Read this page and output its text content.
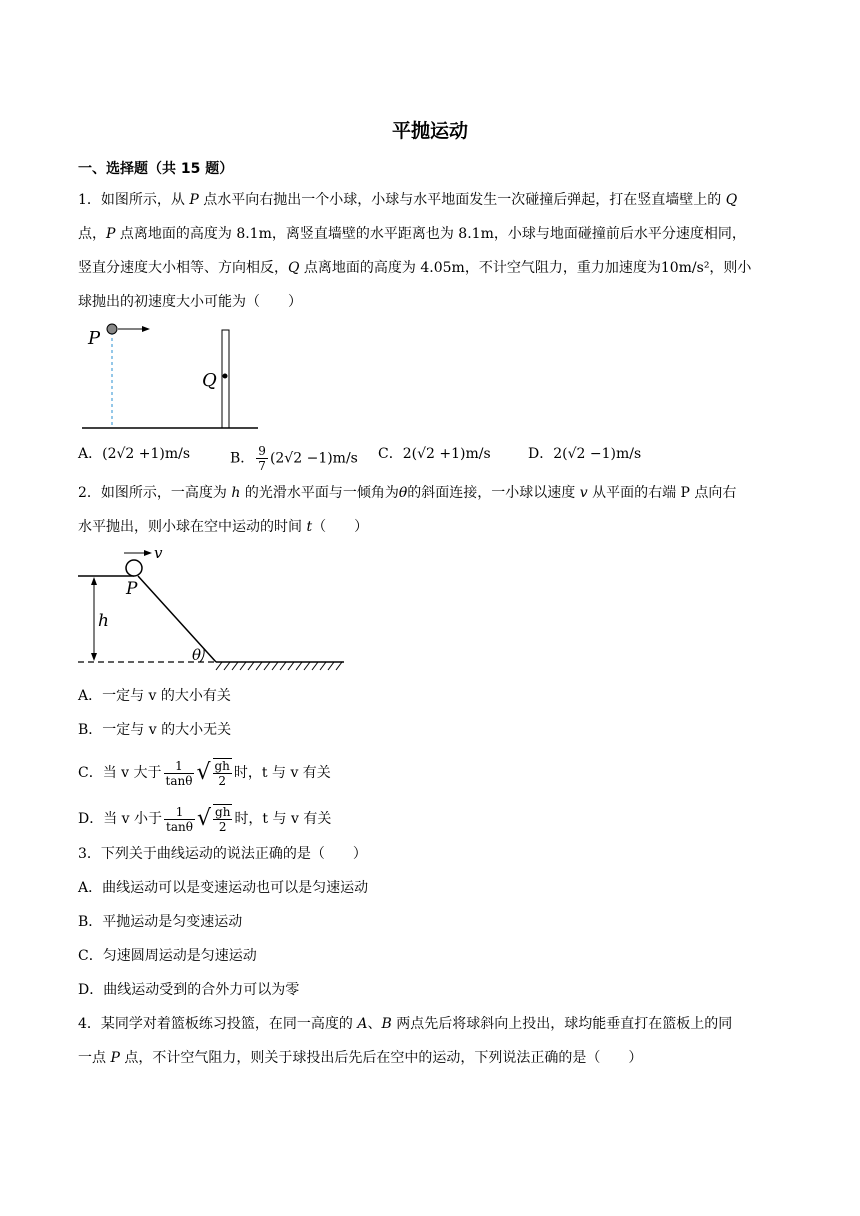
平抛运动
一、选择题（共 15 题）
1．如图所示，从 P 点水平向右抛出一个小球，小球与水平地面发生一次碰撞后弹起，打在竖直墙壁上的 Q
点，P 点离地面的高度为 8.1m，离竖直墙壁的水平距离也为 8.1m，小球与地面碰撞前后水平分速度相同，
竖直分速度大小相等、方向相反，Q 点离地面的高度为 4.05m，不计空气阻力，重力加速度为10m/s²，则小
球抛出的初速度大小可能为（　　）
P
Q
A．(2√2 +1)m/s	B． $\frac{9}{7} (2√2 -1)m/s$ C．2(√2 +1)m/s	D．2(√2 −1)m/s
2．如图所示，一高度为 h 的光滑水平面与一倾角为θ的斜面连接，一小球以速度 v 从平面的右端 P 点向右
水平抛出，则小球在空中运动的时间 t（　　）
v
P
h
θ
A．一定与 v 的大小有关
B．一定与 v 的大小无关
C．当 v 大于 $\frac{1}{\tan\theta}$ √ $\frac{gh}{2}$ 时，t 与 v 有关
D．当 v 小于 $\frac{1}{\tan\theta}$ √ $\frac{gh}{2}$ 时，t 与 v 有关
3．下列关于曲线运动的说法正确的是（　　）
A．曲线运动可以是变速运动也可以是匀速运动
B．平抛运动是匀变速运动
C．匀速圆周运动是匀速运动
D．曲线运动受到的合外力可以为零
4．某同学对着篮板练习投篮，在同一高度的 A、B 两点先后将球斜向上投出，球均能垂直打在篮板上的同
一点 P 点，不计空气阻力，则关于球投出后先后在空中的运动，下列说法正确的是（　　）
